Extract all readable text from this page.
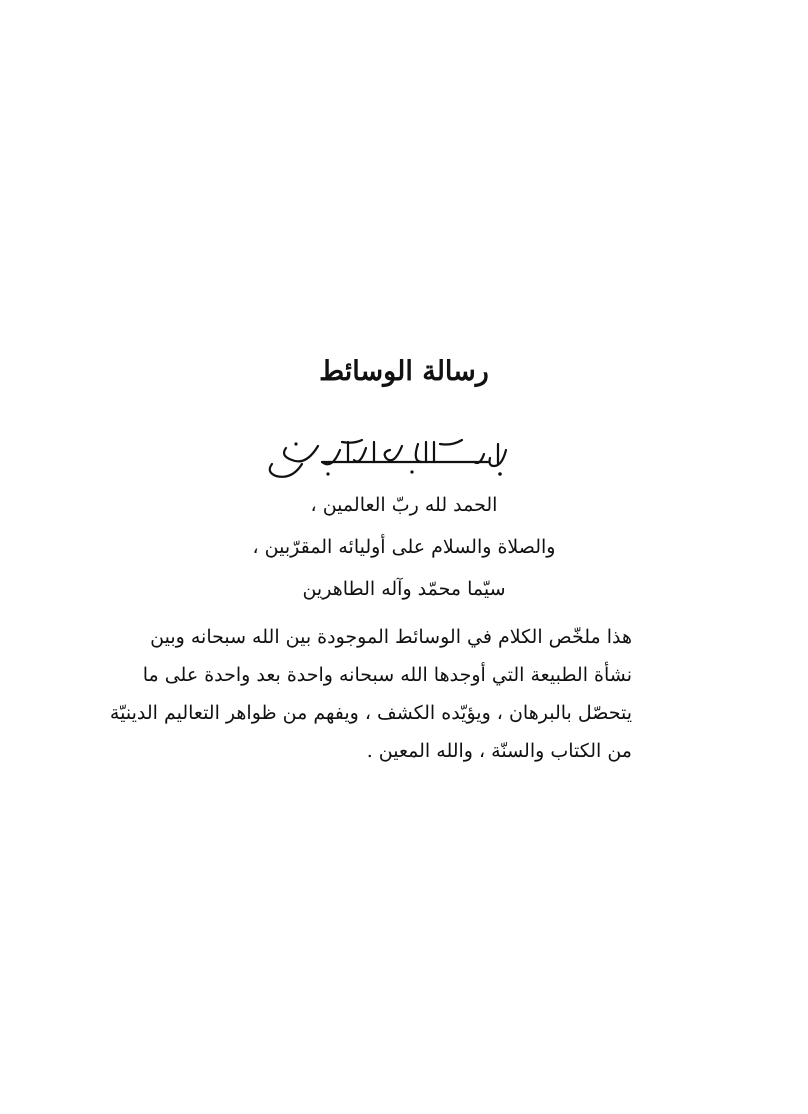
رسالة الوسائط
الحمد لله ربّ العالمين ،
والصلاة والسلام على أوليائه المقرّبين ،
سيّما محمّد وآله الطاهرين
هذا ملخّص الكلام في الوسائط الموجودة بين الله سبحانه وبين
نشأة الطبيعة التي أوجدها الله سبحانه واحدة بعد واحدة على ما
يتحصّل بالبرهان ، ويؤيّده الكشف ، ويفهم من ظواهر التعاليم الدينيّة
من الكتاب والسنّة ، والله المعين .
